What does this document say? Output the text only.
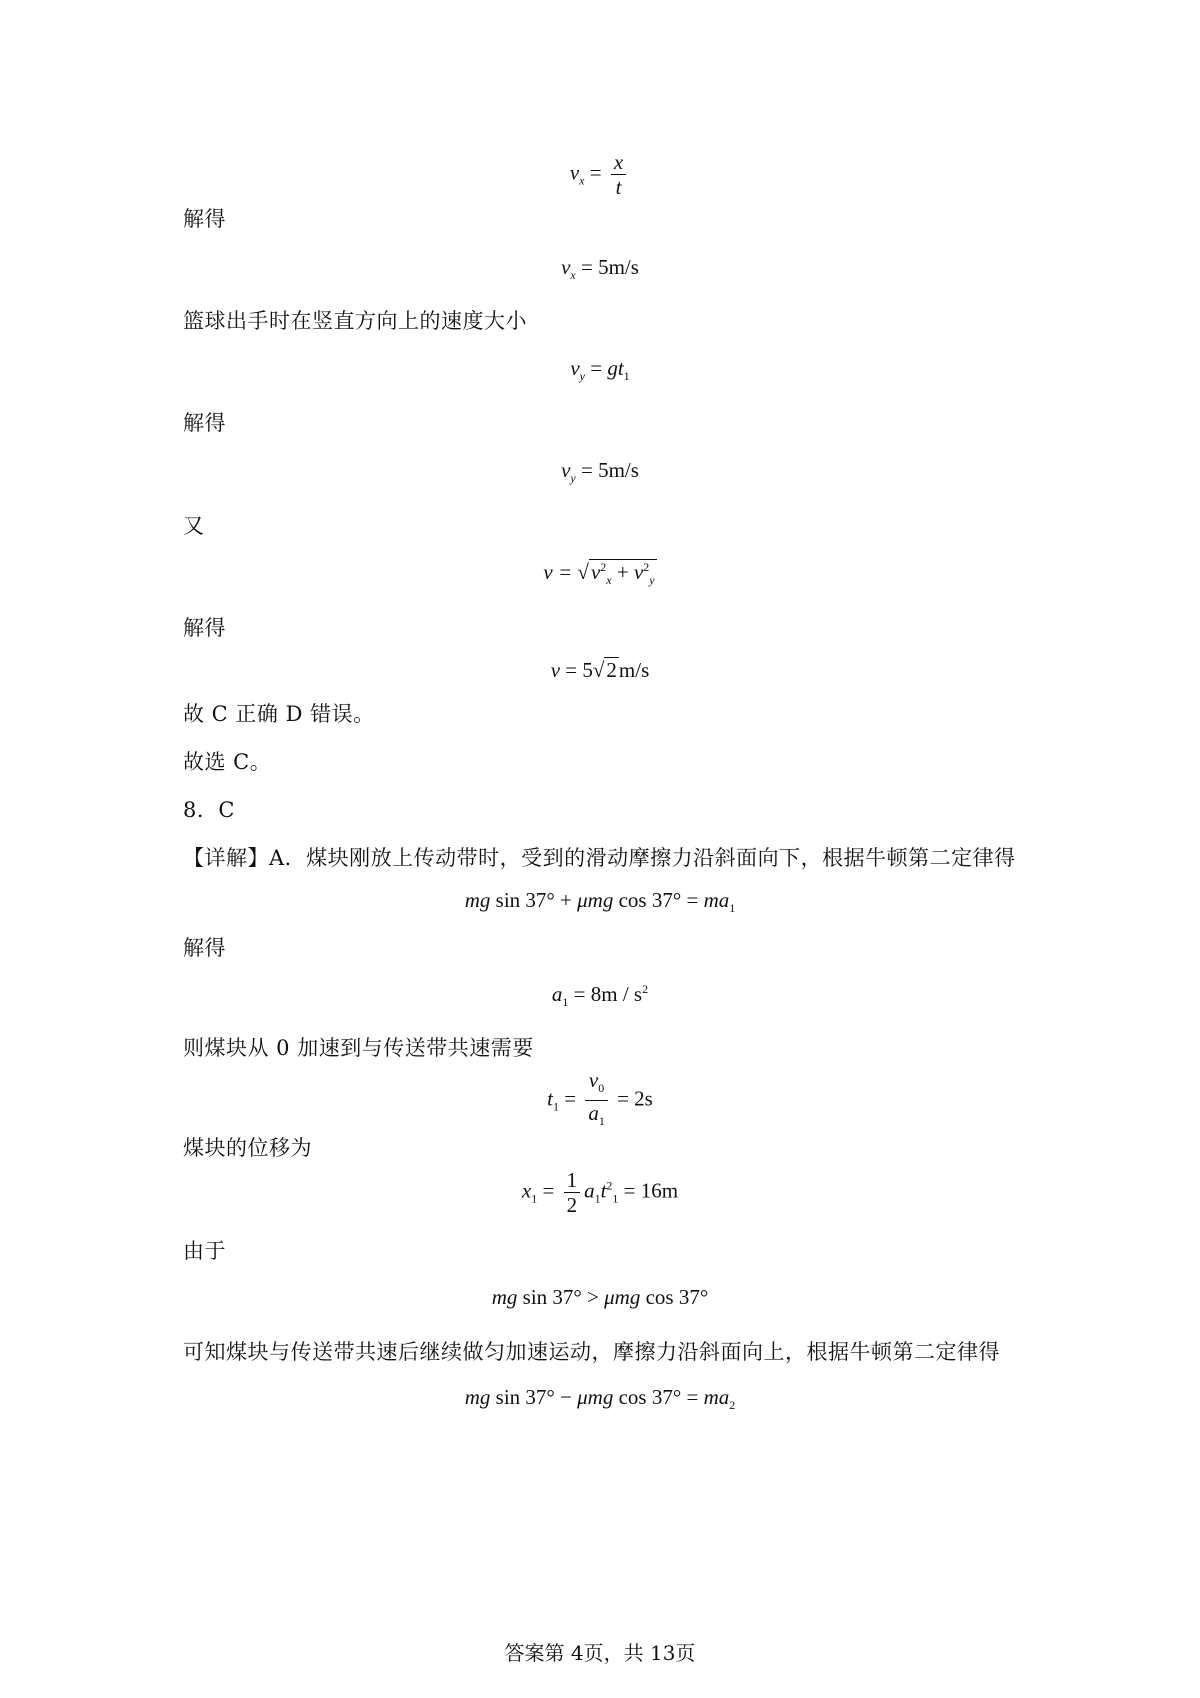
$v_x = \frac{x}{t}$
解得
$v_x = 5m/s$
篮球出手时在竖直方向上的速度大小
$v_y = gt_1$
解得
$v_y = 5m/s$
又
$v = √v^2_x + v^2_y$
解得
v = 5√2m/s
故 C 正确 D 错误。
故选 C。
8．C
【详解】A．煤块刚放上传动带时，受到的滑动摩擦力沿斜面向下，根据牛顿第二定律得
mg sin 37° + μmg $\cos 37^\circ = ma_1$
解得
$a_1 = 8m / s^2$
则煤块从 0 加速到与传送带共速需要
$t_1 = \frac{v_0}{a_1} = 2s$
煤块的位移为
$x_1 = \frac{1}{2} a_1t^2_1 = 16m$
由于
mg sin 37° > μmg cos 37°
可知煤块与传送带共速后继续做匀加速运动，摩擦力沿斜面向上，根据牛顿第二定律得
mg sin 37° − μmg $\cos 37^\circ = ma_2$
答案第 4页，共 13页
